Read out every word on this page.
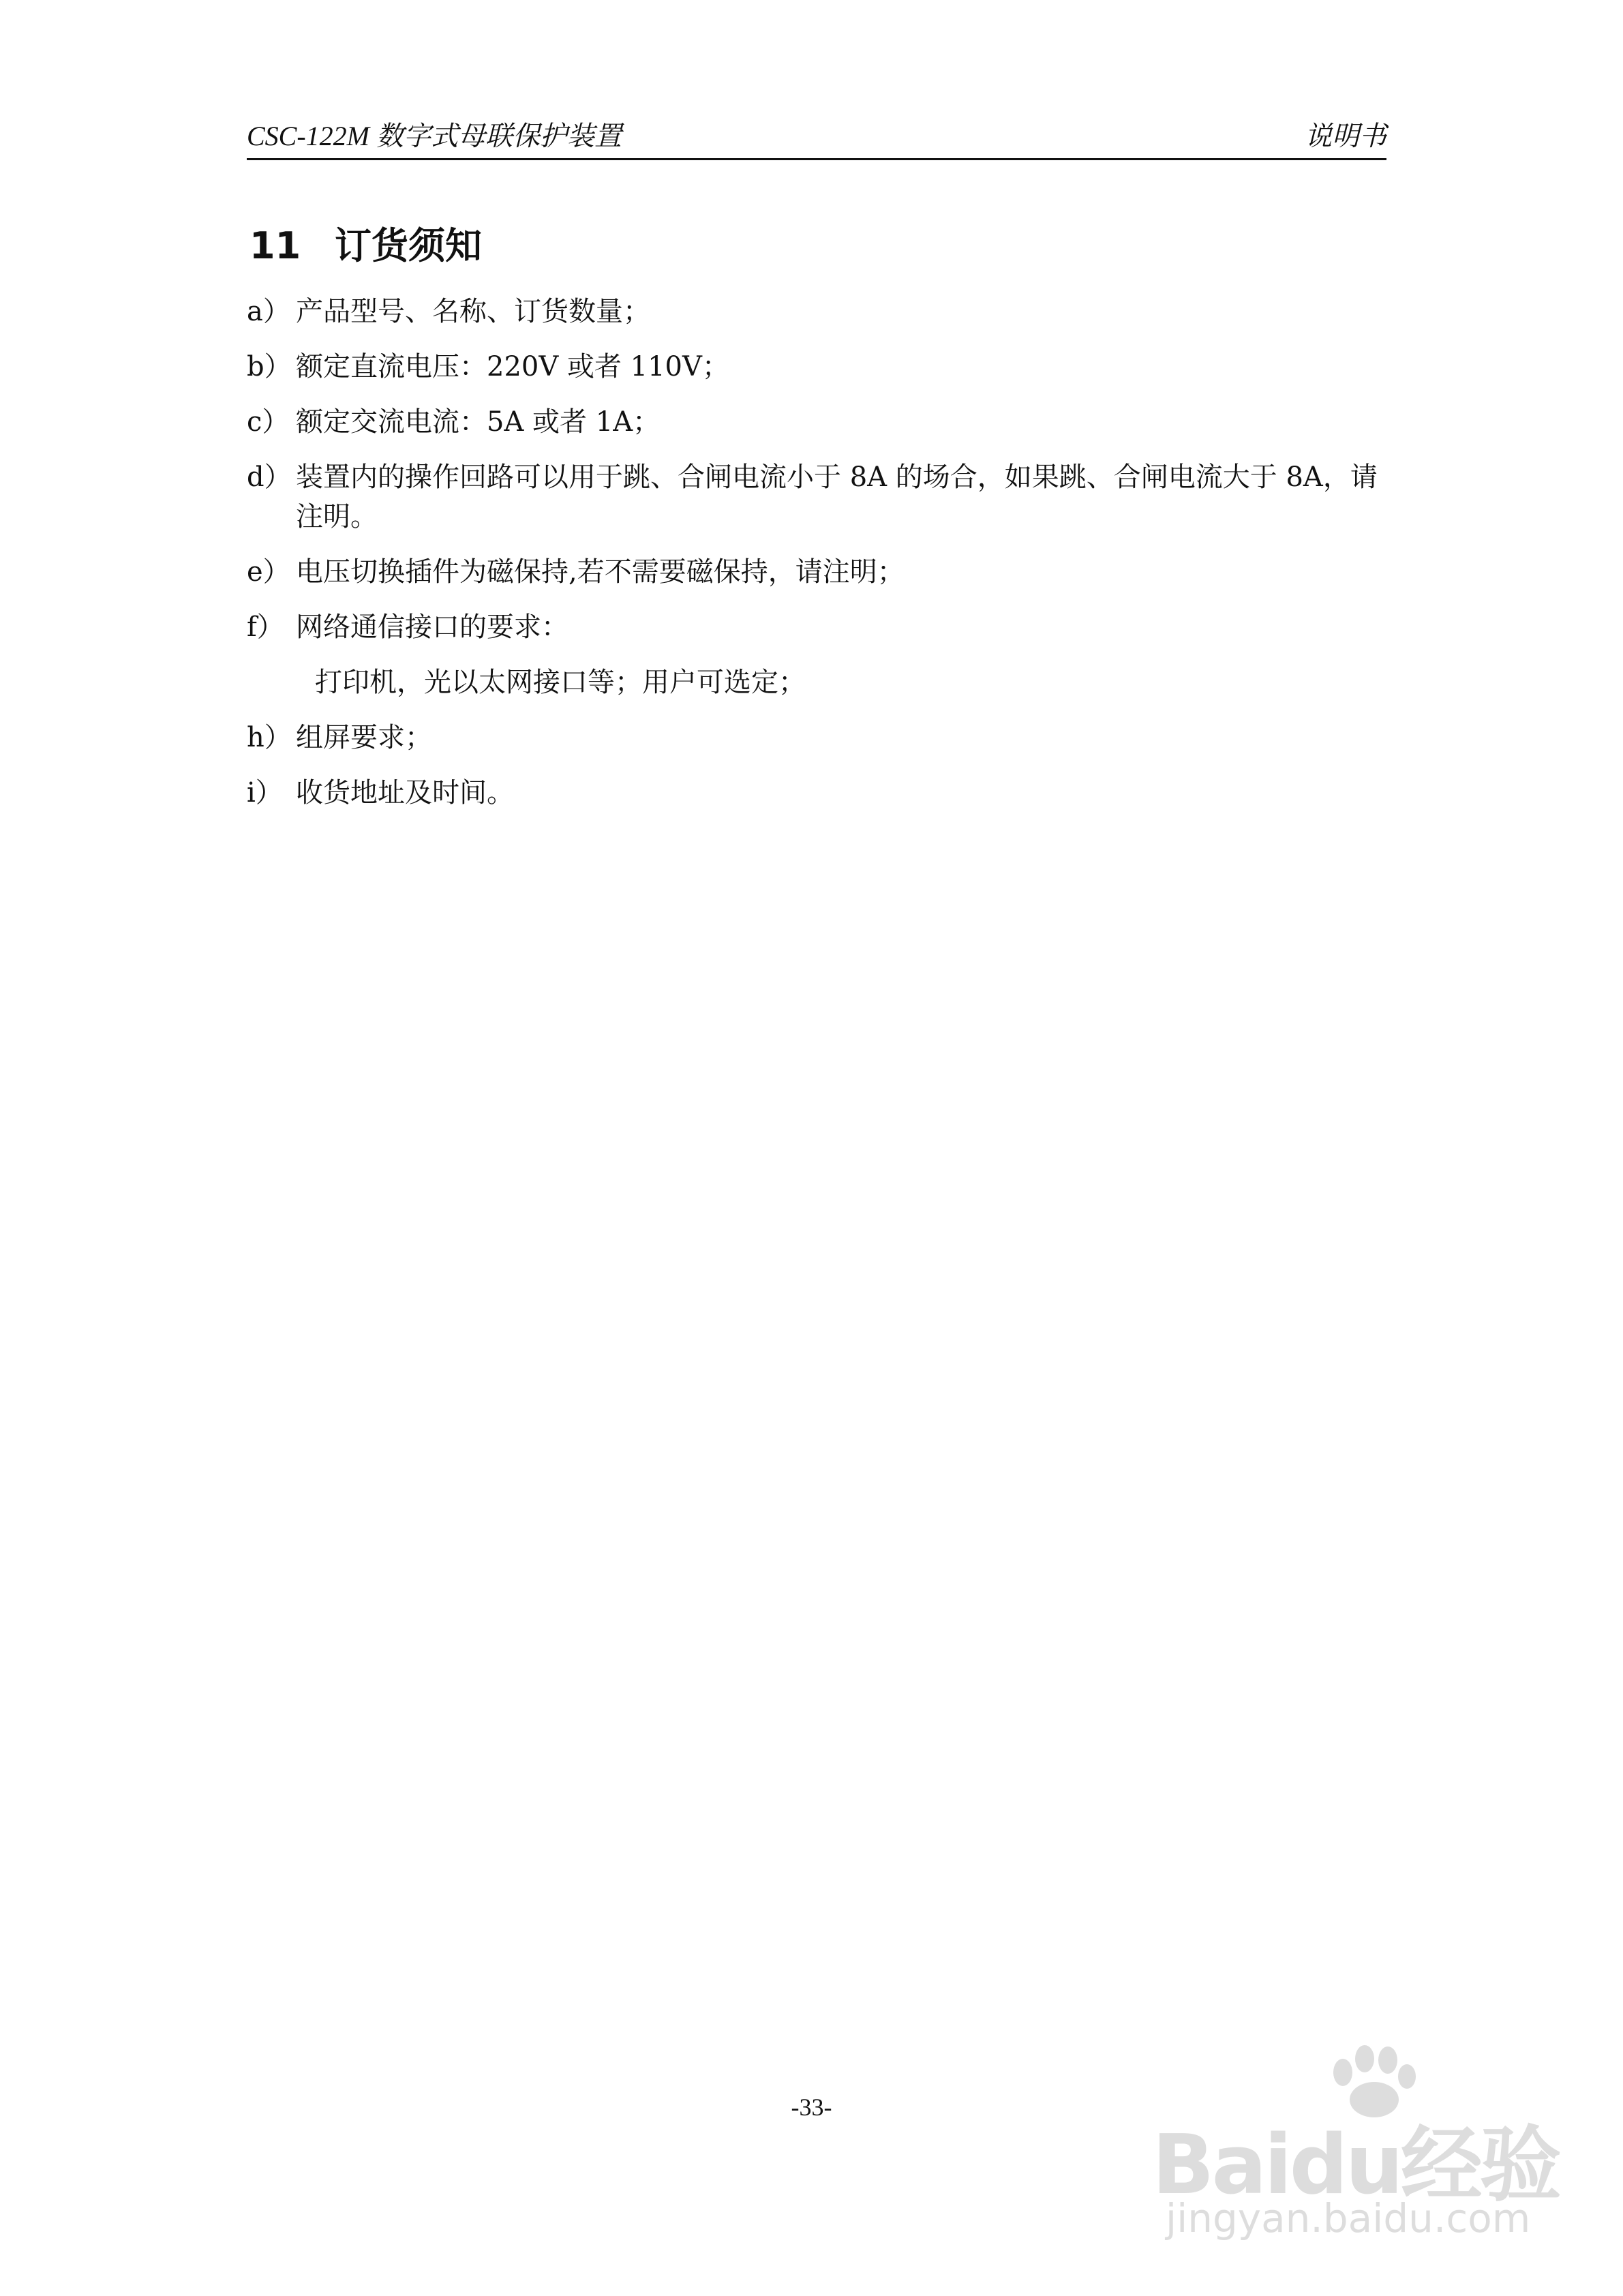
CSC-122M 数字式母联保护装置	说明书
11 订货须知
a） 产品型号、名称、订货数量；
b） 额定直流电压：220V 或者 110V；
c） 额定交流电流：5A 或者 1A；
d） 装置内的操作回路可以用于跳、合闸电流小于 8A 的场合，如果跳、合闸电流大于 8A，请注明。
e） 电压切换插件为磁保持,若不需要磁保持，请注明；
f） 网络通信接口的要求：
打印机，光以太网接口等；用户可选定；
h） 组屏要求；
i） 收货地址及时间。
-33-
Baidu经验
jingyan.baidu.com
